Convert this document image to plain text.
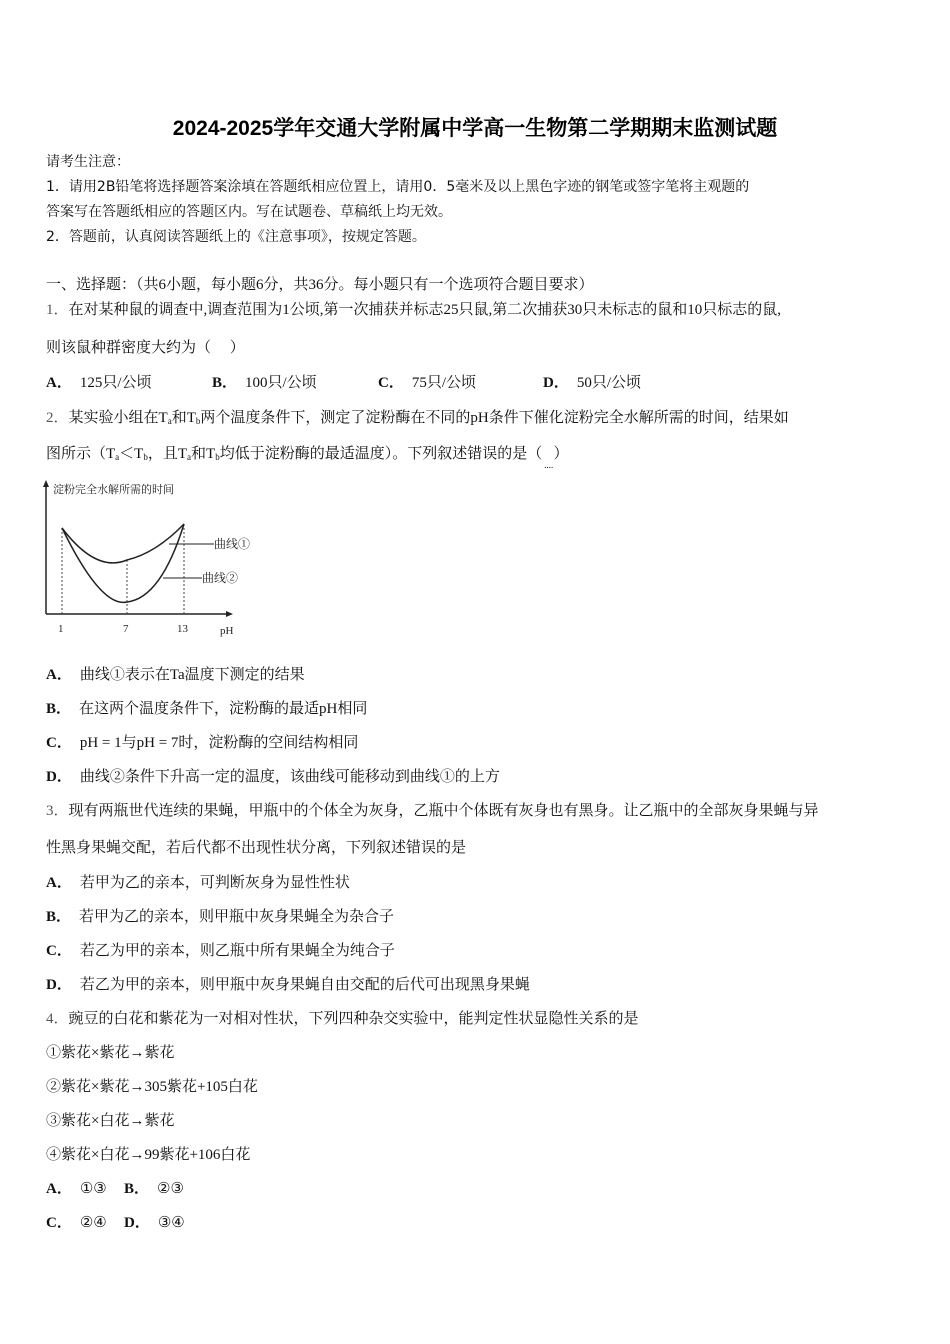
2024-2025学年交通大学附属中学高一生物第二学期期末监测试题
请考生注意：
1．请用2B铅笔将选择题答案涂填在答题纸相应位置上，请用0．5毫米及以上黑色字迹的钢笔或签字笔将主观题的
答案写在答题纸相应的答题区内。写在试题卷、草稿纸上均无效。
2．答题前，认真阅读答题纸上的《注意事项》，按规定答题。
一、选择题：（共6小题，每小题6分，共36分。每小题只有一个选项符合题目要求）
1．在对某种鼠的调查中,调查范围为1公顷,第一次捕获并标志25只鼠,第二次捕获30只未标志的鼠和10只标志的鼠,
则该鼠种群密度大约为（　 ）
A． 125只/公顷	B． 100只/公顷	C． 75只/公顷	D． 50只/公顷
2．某实验小组在$T_a$和$T_b$两个温度条件下，测定了淀粉酶在不同的pH条件下催化淀粉完全水解所需的时间，结果如
图所示（$T_a<T_b$，且$T_a$和$T_b$均低于淀粉酶的最适温度）。下列叙述错误的是（ .... ）
淀粉完全水解所需的时间
曲线①
曲线②
1	7	13	pH
A． 曲线①表示在Ta温度下测定的结果
B． 在这两个温度条件下，淀粉酶的最适pH相同
C． pH = 1与pH = 7时，淀粉酶的空间结构相同
D． 曲线②条件下升高一定的温度，该曲线可能移动到曲线①的上方
3．现有两瓶世代连续的果蝇，甲瓶中的个体全为灰身，乙瓶中个体既有灰身也有黑身。让乙瓶中的全部灰身果蝇与异
性黑身果蝇交配，若后代都不出现性状分离，下列叙述错误的是
A． 若甲为乙的亲本，可判断灰身为显性性状
B． 若甲为乙的亲本，则甲瓶中灰身果蝇全为杂合子
C． 若乙为甲的亲本，则乙瓶中所有果蝇全为纯合子
D． 若乙为甲的亲本，则甲瓶中灰身果蝇自由交配的后代可出现黑身果蝇
4．豌豆的白花和紫花为一对相对性状，下列四种杂交实验中，能判定性状显隐性关系的是
①紫花×紫花→紫花
②紫花×紫花→305紫花+105白花
③紫花×白花→紫花
④紫花×白花→99紫花+106白花
A． ①③ B． ②③
C． ②④ D． ③④
